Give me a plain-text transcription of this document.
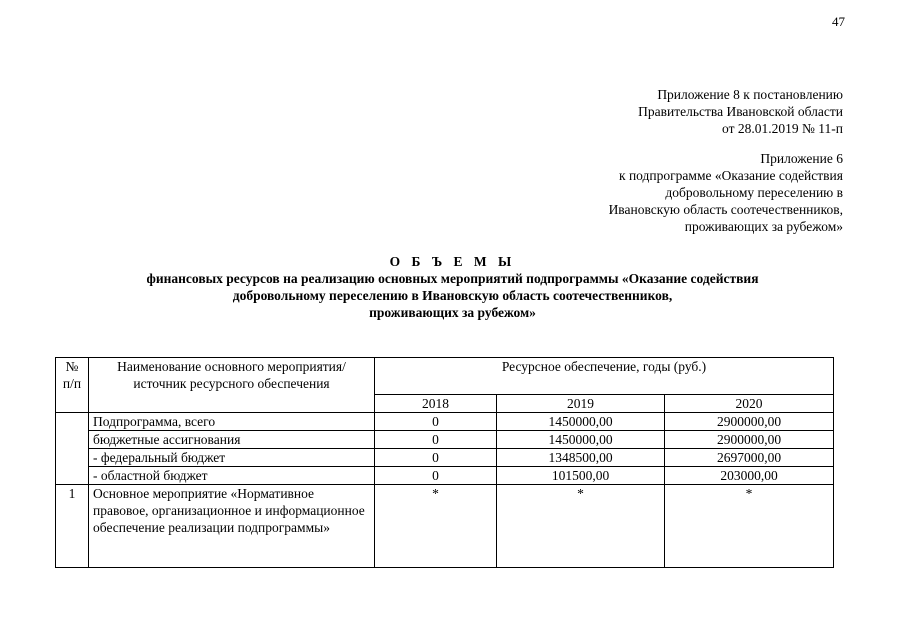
47
Приложение 8 к постановлению
Правительства Ивановской области
от 28.01.2019 № 11-п
Приложение 6
к подпрограмме «Оказание содействия
добровольному переселению в
Ивановскую область соотечественников,
проживающих за рубежом»
О Б Ъ Е М Ы
финансовых ресурсов на реализацию основных мероприятий подпрограммы «Оказание содействия
добровольному переселению в Ивановскую область соотечественников,
проживающих за рубежом»
№
п/п	Наименование основного мероприятия/источник ресурсного обеспечения	Ресурсное обеспечение, годы (руб.)		
		2018	2019	2020
	Подпрограмма, всего	0	1450000,00	2900000,00
	бюджетные ассигнования	0	1450000,00	2900000,00
	- федеральный бюджет	0	1348500,00	2697000,00
	- областной бюджет	0	101500,00	203000,00
1	Основное мероприятие «Нормативное правовое, организационное и информационное обеспечение реализации подпрограммы»	*	*	*
